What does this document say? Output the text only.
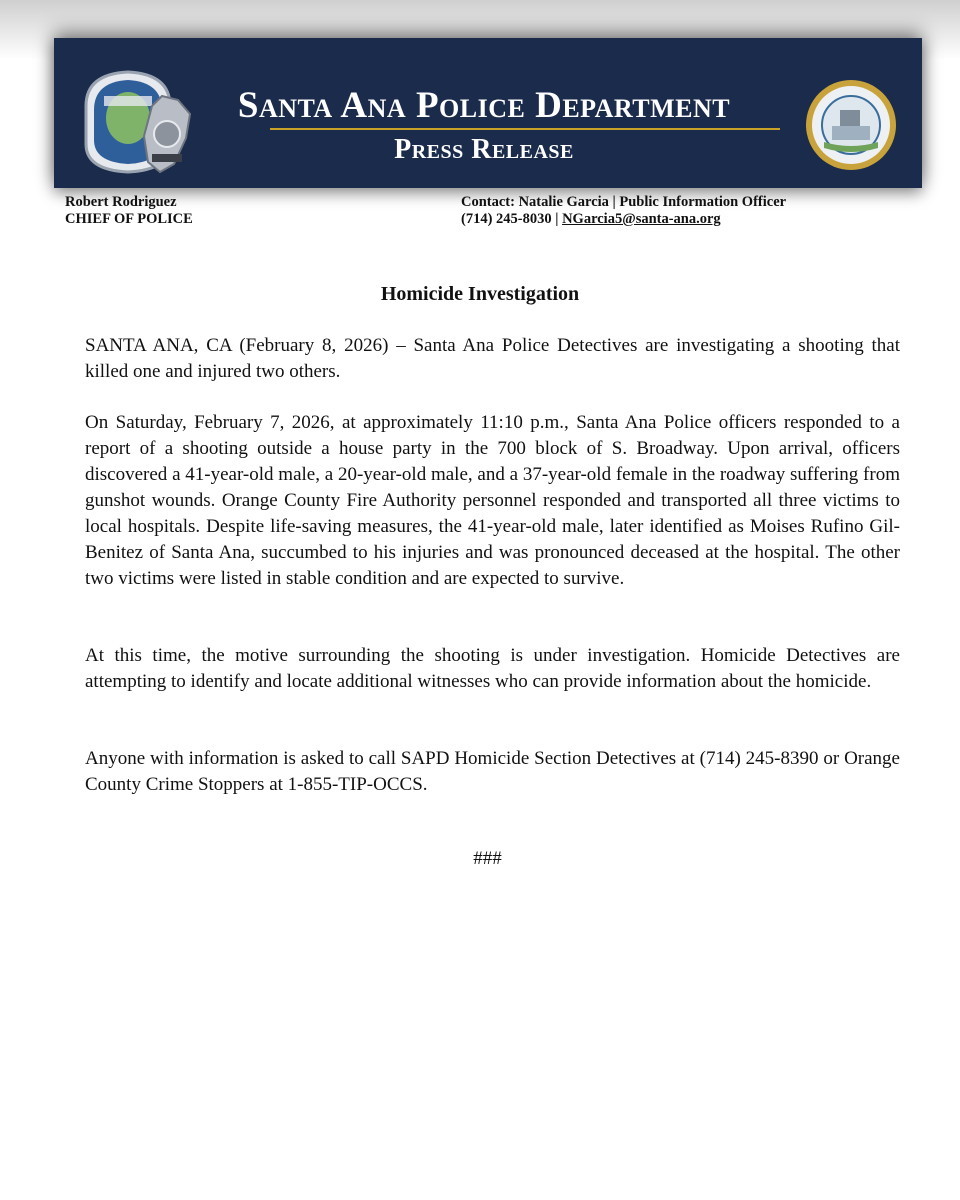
Santa Ana Police Department
Press Release
Robert Rodriguez
CHIEF OF POLICE
Contact: Natalie Garcia | Public Information Officer
(714) 245-8030 | NGarcia5@santa-ana.org
Homicide Investigation

SANTA ANA, CA (February 8, 2026) – Santa Ana Police Detectives are investigating a shooting that killed one and injured two others.

On Saturday, February 7, 2026, at approximately 11:10 p.m., Santa Ana Police officers responded to a report of a shooting outside a house party in the 700 block of S. Broadway. Upon arrival, officers discovered a 41-year-old male, a 20-year-old male, and a 37-year-old female in the roadway suffering from gunshot wounds. Orange County Fire Authority personnel responded and transported all three victims to local hospitals. Despite life-saving measures, the 41-year-old male, later identified as Moises Rufino Gil-Benitez of Santa Ana, succumbed to his injuries and was pronounced deceased at the hospital. The other two victims were listed in stable condition and are expected to survive.

At this time, the motive surrounding the shooting is under investigation. Homicide Detectives are attempting to identify and locate additional witnesses who can provide information about the homicide.

Anyone with information is asked to call SAPD Homicide Section Detectives at (714) 245-8390 or Orange County Crime Stoppers at 1-855-TIP-OCCS.

###
